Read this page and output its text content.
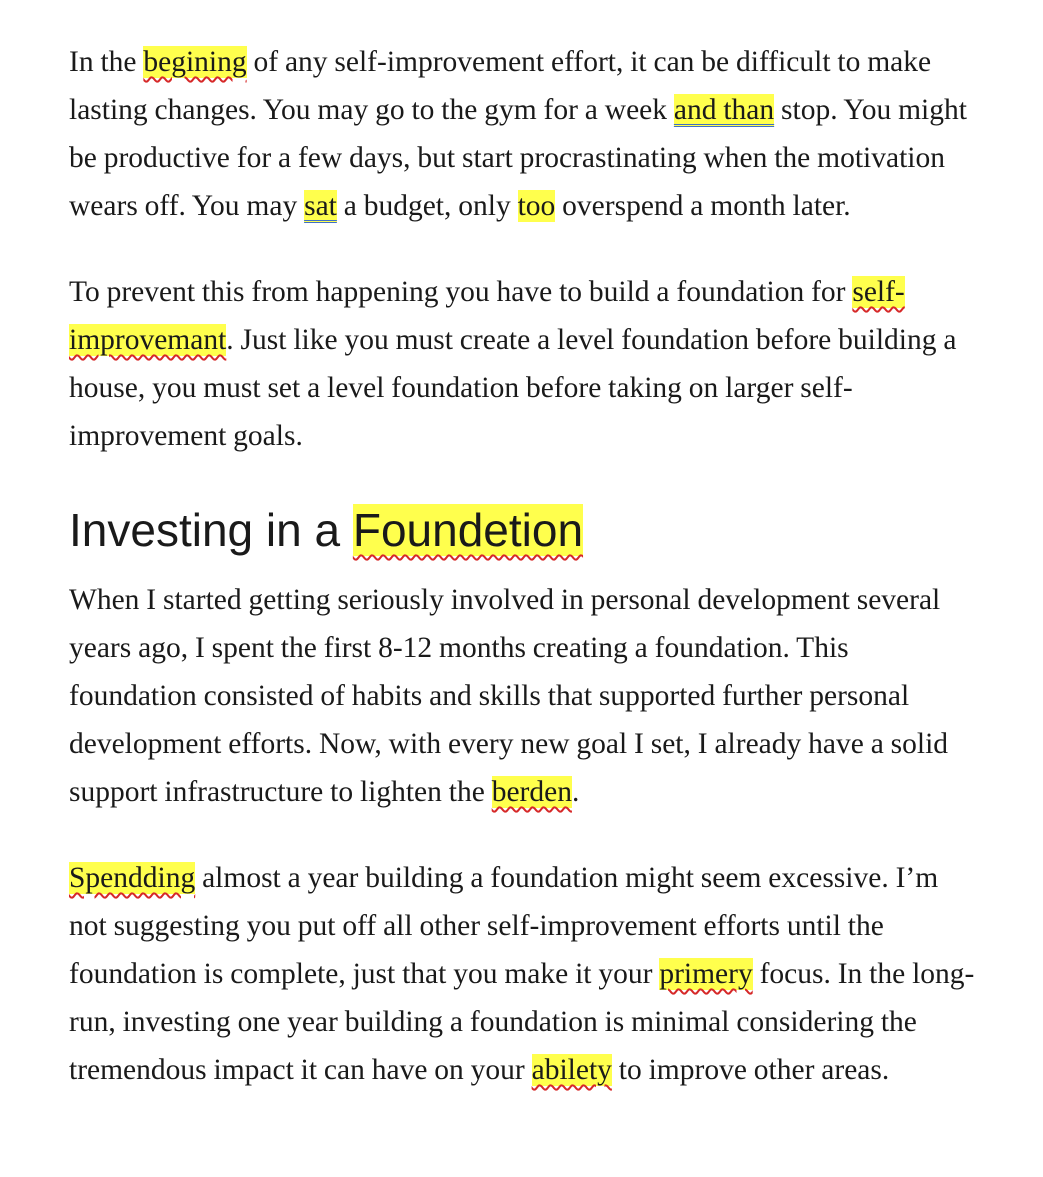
In the begining of any self-improvement effort, it can be difficult to make lasting changes. You may go to the gym for a week and than stop. You might be productive for a few days, but start procrastinating when the motivation wears off. You may sat a budget, only too overspend a month later.

To prevent this from happening you have to build a foundation for self-improvemant. Just like you must create a level foundation before building a house, you must set a level foundation before taking on larger self-improvement goals.

Investing in a Foundetion

When I started getting seriously involved in personal development several years ago, I spent the first 8-12 months creating a foundation. This foundation consisted of habits and skills that supported further personal development efforts. Now, with every new goal I set, I already have a solid support infrastructure to lighten the berden.

Spendding almost a year building a foundation might seem excessive. I’m not suggesting you put off all other self-improvement efforts until the foundation is complete, just that you make it your primery focus. In the long-run, investing one year building a foundation is minimal considering the tremendous impact it can have on your abilety to improve other areas.
